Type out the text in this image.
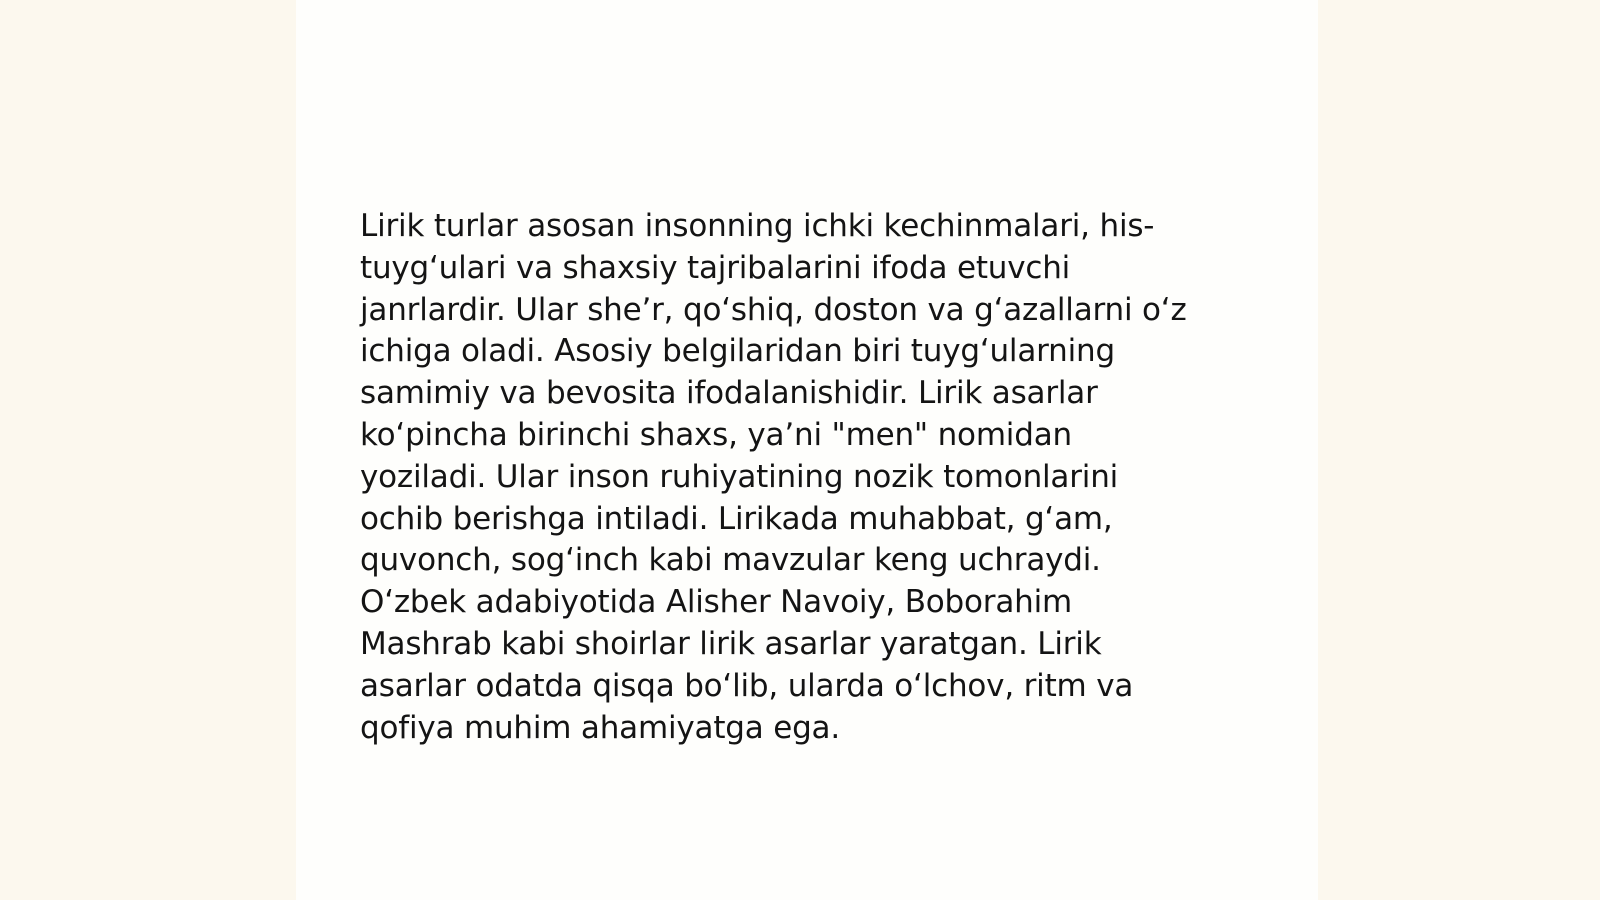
Lirik turlar asosan insonning ichki kechinmalari, his-
tuyg‘ulari va shaxsiy tajribalarini ifoda etuvchi
janrlardir. Ular she’r, qo‘shiq, doston va g‘azallarni o‘z
ichiga oladi. Asosiy belgilaridan biri tuyg‘ularning
samimiy va bevosita ifodalanishidir. Lirik asarlar
ko‘pincha birinchi shaxs, ya’ni "men" nomidan
yoziladi. Ular inson ruhiyatining nozik tomonlarini
ochib berishga intiladi. Lirikada muhabbat, g‘am,
quvonch, sog‘inch kabi mavzular keng uchraydi.
O‘zbek adabiyotida Alisher Navoiy, Boborahim
Mashrab kabi shoirlar lirik asarlar yaratgan. Lirik
asarlar odatda qisqa bo‘lib, ularda o‘lchov, ritm va
qofiya muhim ahamiyatga ega.
